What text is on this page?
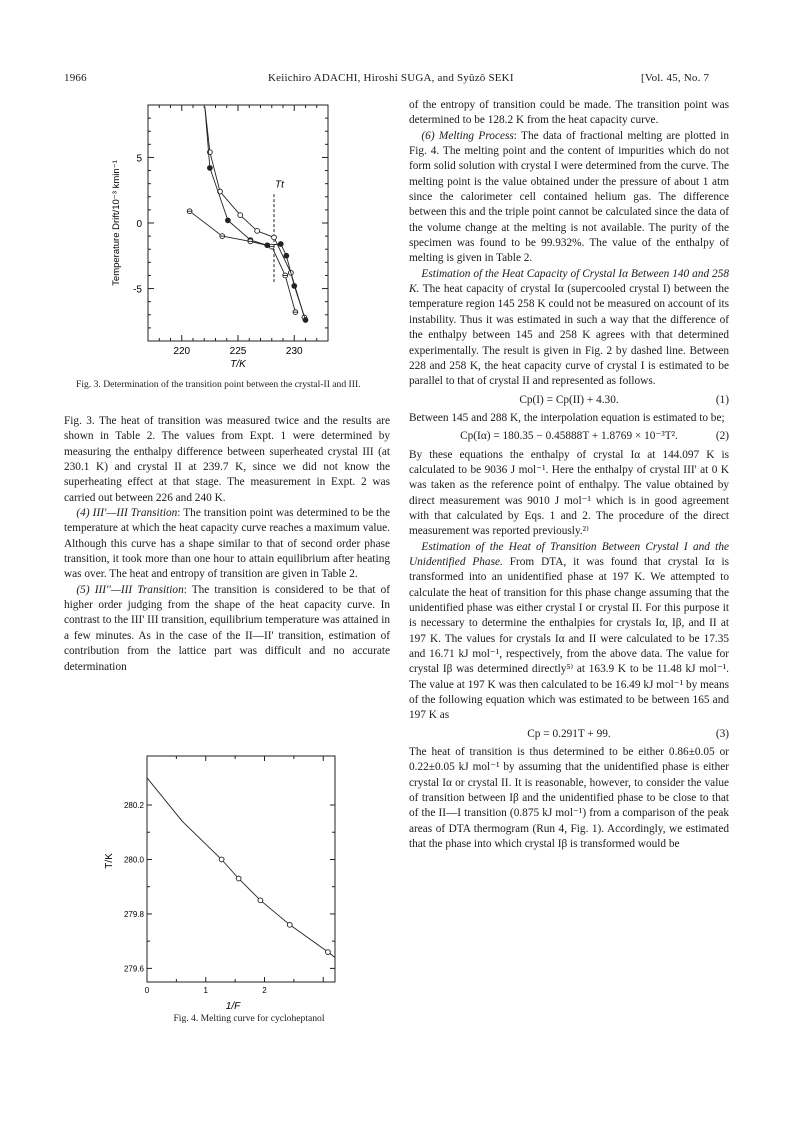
1966	Keiichiro ADACHI, Hiroshi SUGA, and Syûzô SEKI	[Vol. 45, No. 7
220	225	230
5
0
-5
T/K
Temperature Drift/10⁻³ kmin⁻¹	Tt
Fig. 3. Determination of the transition point between the crystal-II and III.

Fig. 3. The heat of transition was measured twice and the results are shown in Table 2. The values from Expt. 1 were determined by measuring the enthalpy difference between superheated crystal III (at 230.1 K) and crystal II at 239.7 K, since we did not know the superheating effect at that stage. The measurement in Expt. 2 was carried out between 226 and 240 K.

(4) III'—III Transition: The transition point was determined to be the temperature at which the heat capacity curve reaches a maximum value. Although this curve has a shape similar to that of second order phase transition, it took more than one hour to attain equilibrium after heating was over. The heat and entropy of transition are given in Table 2.

(5) III''—III Transition: The transition is considered to be that of higher order judging from the shape of the heat capacity curve. In contrast to the III' III transition, equilibrium temperature was attained in a few minutes. As in the case of the II—II' transition, estimation of contribution from the lattice part was difficult and no accurate determination

280.2
280.0
279.8
279.6
0	1	2
1/F
T/K
Fig. 4. Melting curve for cycloheptanol

of the entropy of transition could be made. The transition point was determined to be 128.2 K from the heat capacity curve.

(6) Melting Process: The data of fractional melting are plotted in Fig. 4. The melting point and the content of impurities which do not form solid solution with crystal I were determined from the curve. The melting point is the value obtained under the pressure of about 1 atm since the calorimeter cell contained helium gas. The difference between this and the triple point cannot be calculated since the data of the volume change at the melting is not available. The purity of the specimen was found to be 99.932%. The value of the enthalpy of melting is given in Table 2.

Estimation of the Heat Capacity of Crystal Iα Between 140 and 258 K. The heat capacity of crystal Iα (supercooled crystal I) between the temperature region 145 258 K could not be measured on account of its instability. Thus it was estimated in such a way that the difference of the enthalpy between 145 and 258 K agrees with that determined experimentally. The result is given in Fig. 2 by dashed line. Between 228 and 258 K, the heat capacity curve of crystal I is estimated to be parallel to that of crystal II and represented as follows.

Cp(I) = Cp(II) + 4.30.	(1)

Between 145 and 288 K, the interpolation equation is estimated to be;

Cp(Iα) = 180.35 − 0.45888T + 1.8769 × 10⁻³T².	(2)

By these equations the enthalpy of crystal Iα at 144.097 K is calculated to be 9036 J mol⁻¹. Here the enthalpy of crystal III' at 0 K was taken as the reference point of enthalpy. The value obtained by direct measurement was 9010 J mol⁻¹ which is in good agreement with that calculated by Eqs. 1 and 2. The procedure of the direct measurement was reported previously.²⁾

Estimation of the Heat of Transition Between Crystal I and the Unidentified Phase. From DTA, it was found that crystal Iα is transformed into an unidentified phase at 197 K. We attempted to calculate the heat of transition for this phase change assuming that the unidentified phase was either crystal I or crystal II. For this purpose it is necessary to determine the enthalpies for crystals Iα, Iβ, and II at 197 K. The values for crystals Iα and II were calculated to be 17.35 and 16.71 kJ mol⁻¹, respectively, from the above data. The value for crystal Iβ was determined directly⁵⁾ at 163.9 K to be 11.48 kJ mol⁻¹. The value at 197 K was then calculated to be 16.49 kJ mol⁻¹ by means of the following equation which was estimated to be between 165 and 197 K as

Cp = 0.291T + 99.	(3)

The heat of transition is thus determined to be either 0.86±0.05 or 0.22±0.05 kJ mol⁻¹ by assuming that the unidentified phase is either crystal Iα or crystal II. It is reasonable, however, to consider the value of transition between Iβ and the unidentified phase to be close to that of the II—I transition (0.875 kJ mol⁻¹) from a comparison of the peak areas of DTA thermogram (Run 4, Fig. 1). Accordingly, we estimated that the phase into which crystal Iβ is transformed would be
